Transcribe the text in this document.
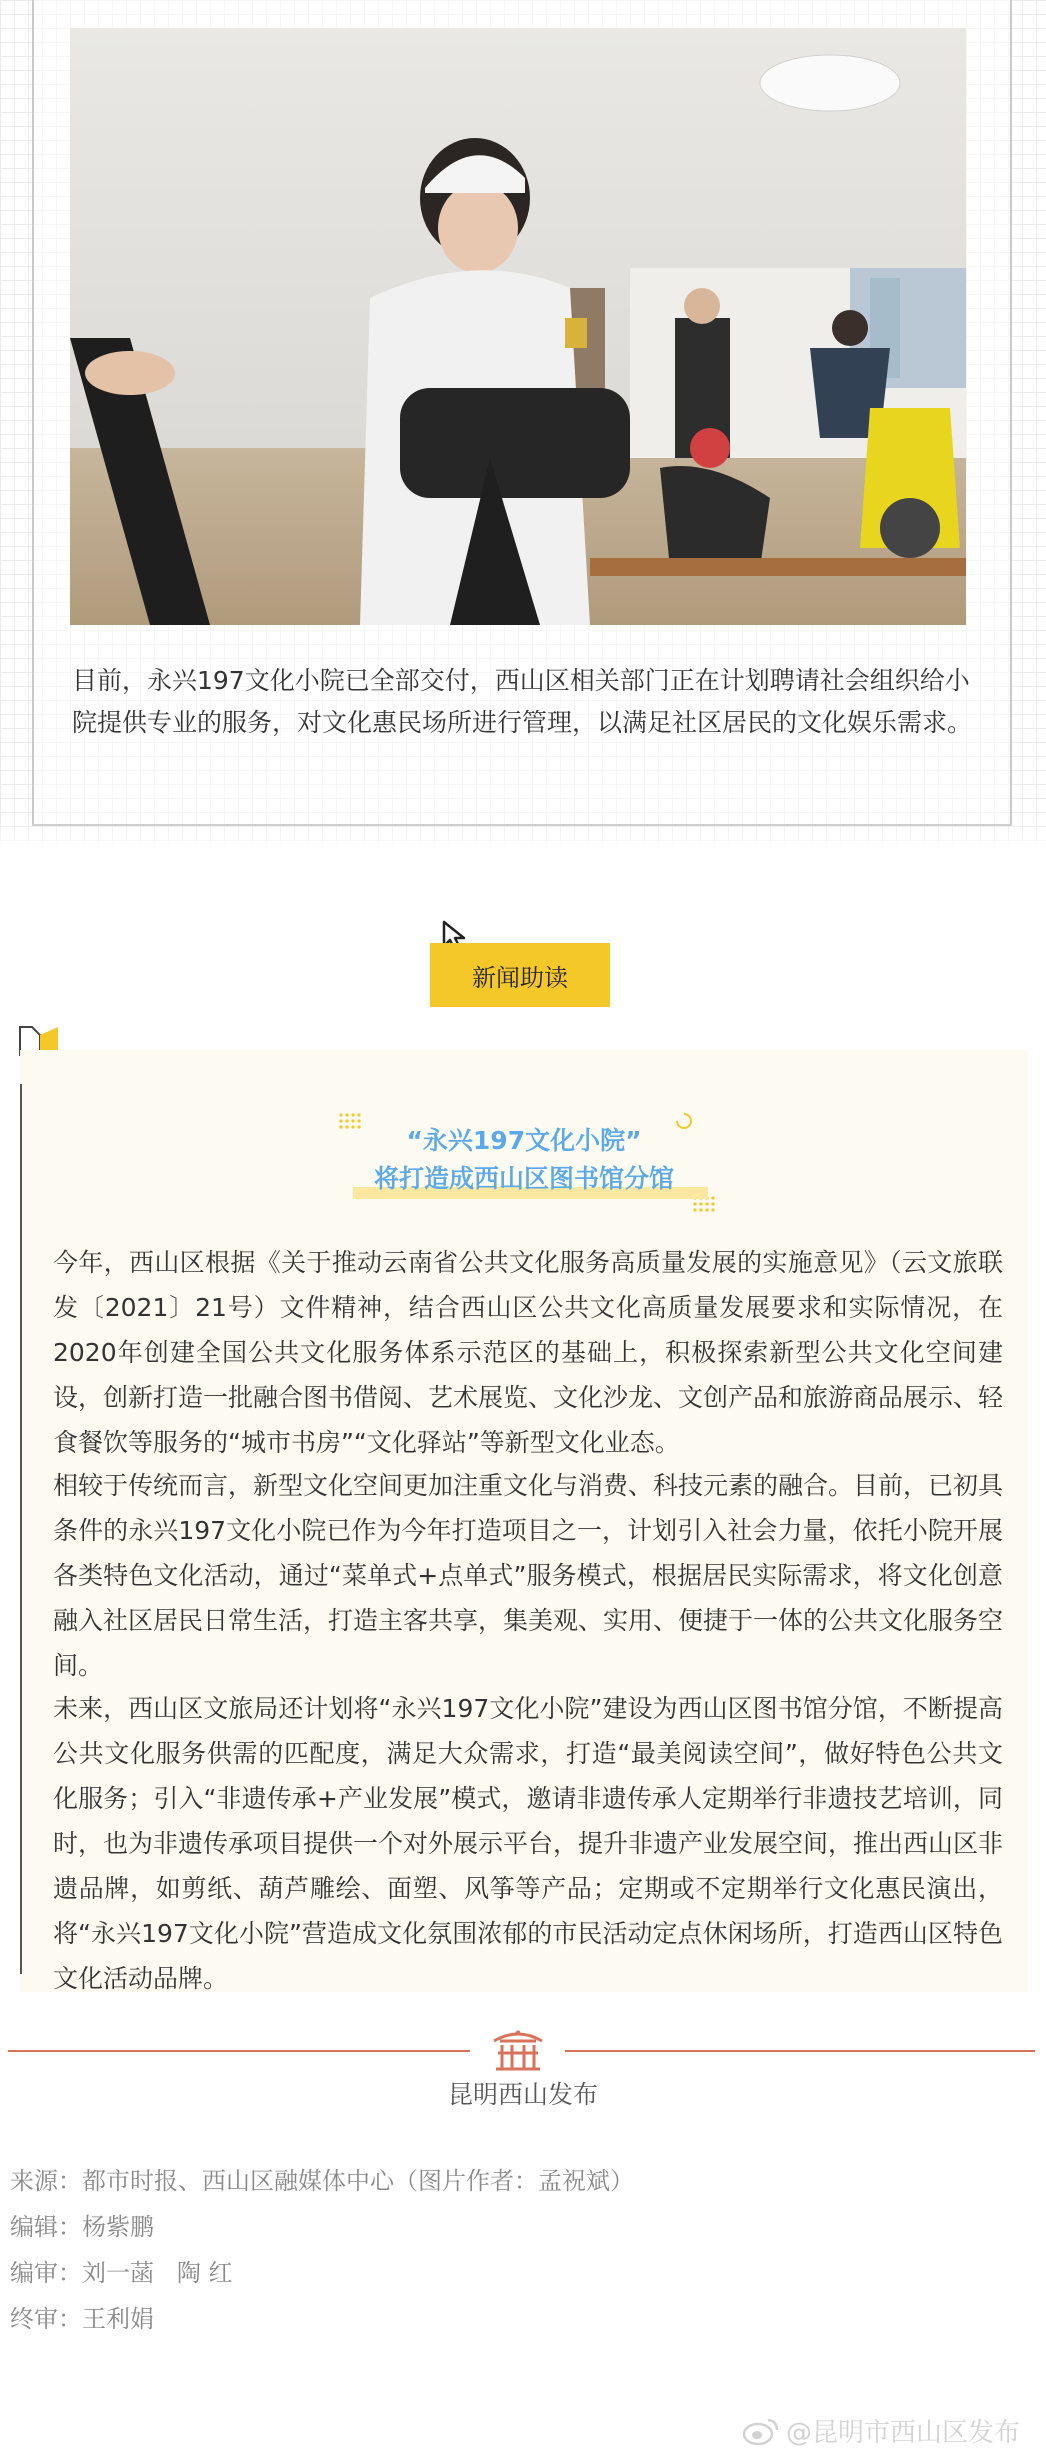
目前，永兴197文化小院已全部交付，西山区相关部门正在计划聘请社会组织给小院提供专业的服务，对文化惠民场所进行管理，以满足社区居民的文化娱乐需求。

新闻助读

“永兴197文化小院”

将打造成西山区图书馆分馆

今年，西山区根据《关于推动云南省公共文化服务高质量发展的实施意见》（云文旅联发〔2021〕21号）文件精神，结合西山区公共文化高质量发展要求和实际情况，在2020年创建全国公共文化服务体系示范区的基础上，积极探索新型公共文化空间建设，创新打造一批融合图书借阅、艺术展览、文化沙龙、文创产品和旅游商品展示、轻食餐饮等服务的“城市书房”“文化驿站”等新型文化业态。

相较于传统而言，新型文化空间更加注重文化与消费、科技元素的融合。目前，已初具条件的永兴197文化小院已作为今年打造项目之一，计划引入社会力量，依托小院开展各类特色文化活动，通过“菜单式+点单式”服务模式，根据居民实际需求，将文化创意融入社区居民日常生活，打造主客共享，集美观、实用、便捷于一体的公共文化服务空间。

未来，西山区文旅局还计划将“永兴197文化小院”建设为西山区图书馆分馆，不断提高公共文化服务供需的匹配度，满足大众需求，打造“最美阅读空间”，做好特色公共文化服务；引入“非遗传承+产业发展”模式，邀请非遗传承人定期举行非遗技艺培训，同时，也为非遗传承项目提供一个对外展示平台，提升非遗产业发展空间，推出西山区非遗品牌，如剪纸、葫芦雕绘、面塑、风筝等产品；定期或不定期举行文化惠民演出，将“永兴197文化小院”营造成文化氛围浓郁的市民活动定点休闲场所，打造西山区特色文化活动品牌。

昆明西山发布

来源：都市时报、西山区融媒体中心（图片作者：孟祝斌）

编辑：杨紫鹏

编审：刘一菡   陶 红

终审：王利娟

@昆明市西山区发布
